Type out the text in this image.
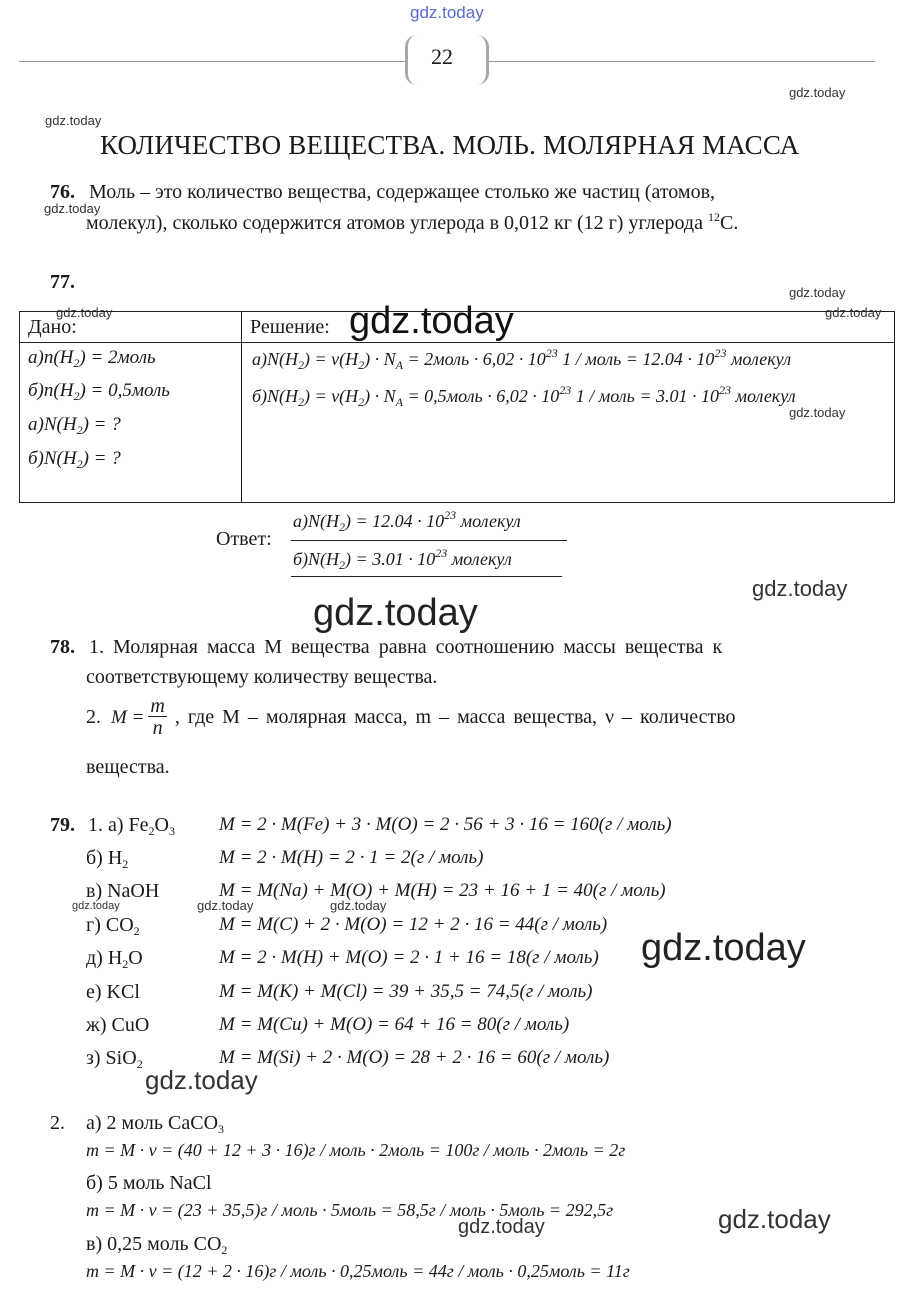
gdz.today
22
gdz.today
gdz.today
КОЛИЧЕСТВО ВЕЩЕСТВА. МОЛЬ. МОЛЯРНАЯ МАССА
76. Моль – это количество вещества, содержащее столько же частиц (атомов,
gdz.today
молекул), сколько содержится атомов углерода в 0,012 кг (12 г) углерода $^{12}$C.
77.	gdz.today
gdz.today
Дано:	Решение:
$а)n(H_2)$ = 2моль
$б)n(H_2)$ = 0,5моль
$а)N(H_2)$ = ?
$б)N(H_2)$ = ?
$а)N(H_2) = \nu(H_2) \cdot N_A$ = 2моль · $6,02 \cdot 10^{23}$ 1 / моль = $12.04 \cdot 10^{23}$ молекул
$б)N(H_2) = \nu(H_2) \cdot N_A$ = 0,5моль · $6,02 \cdot 10^{23}$ 1 / моль = $3.01 \cdot 10^{23}$ молекул
gdz.today
gdz.today
gdz.today
Ответ:
$а)N(H_2) = 12.04 \cdot 10^{23}$ молекул
$б)N(H_2) = 3.01 \cdot 10^{23}$ молекул
gdz.today
gdz.today
78. 1. Молярная масса М вещества равна соотношению массы вещества к
соответствующему количеству вещества.
2. $M = \frac{m}{n}$ , где М – молярная масса, m – масса вещества, ν – количество
вещества.
79. 1. а) $Fe_2O_3$ M = 2 · M(Fe) + 3 · M(O) = 2 · 56 + 3 · 16 = 160(г / моль)
б) $H_2$	M = 2 · M(H) = 2 · 1 = 2(г / моль)
в) NaOH	M = M(Na) + M(O) + M(H) = 23 + 16 + 1 = 40(г / моль)
gdz.today	gdz.today	gdz.today
г) $CO_2$	M = M(C) + 2 · M(O) = 12 + 2 · 16 = 44(г / моль)
д) $H_2O$	M = 2 · M(H) + M(O) = 2 · 1 + 16 = 18(г / моль) gdz.today
е) KCl	M = M(K) + M(Cl) = 39 + 35,5 = 74,5(г / моль)
ж) CuO	M = M(Cu) + M(O) = 64 + 16 = 80(г / моль)
з) SiO$_2$	M = M(Si) + 2 · M(O) = 28 + 2 · 16 = 60(г / моль)
gdz.today
2. а) 2 моль CaCO$_3$
m = M · ν = (40 + 12 + 3 · 16)г / моль · 2моль = 100г / моль · 2моль = 2г
б) 5 моль NaCl
m = M · ν = (23 + 35,5)г / моль · 5моль = 58,5г / моль · 5моль = 292,5г
gdz.today	gdz.today
в) 0,25 моль $CO_2$
m = M · ν = (12 + 2 · 16)г / моль · 0,25моль = 44г / моль · 0,25моль = 11г
